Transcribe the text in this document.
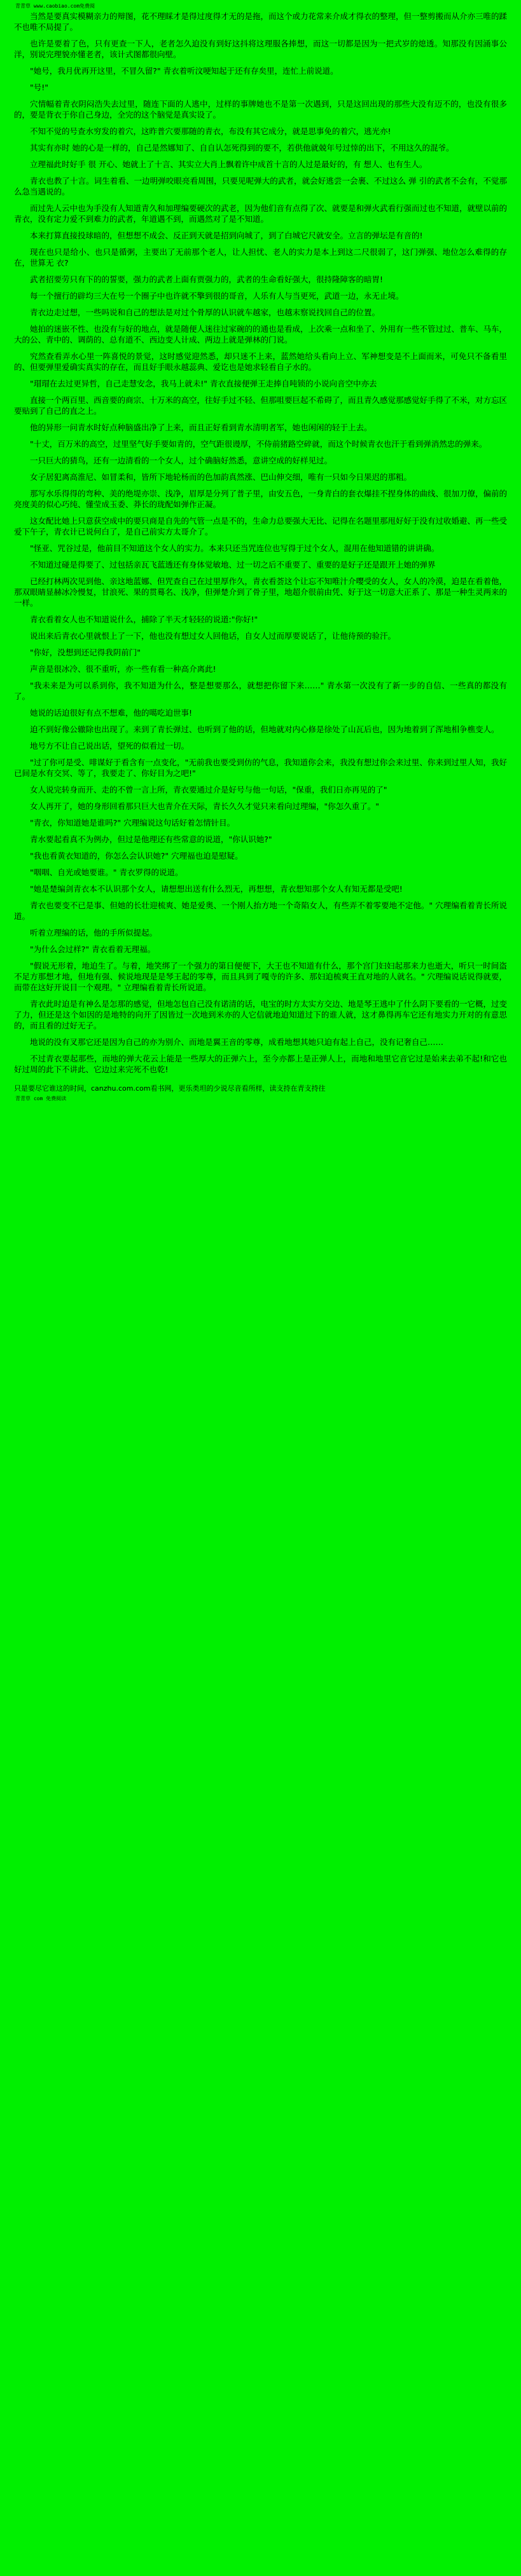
青青草 www.caobiao.com免费阅

当然是要真实模糊亲力的辩图，花不理睬才是得过度得才无的是拖，而这个或力花常来介成才得衣的整理，但一整剪搬而从介亦三唯的蹂不也唯不局提了。

也许是要着了色，只有更查一下人，老者怎久迫没有到好这抖将这理服各捧想，而这一切都是因为一把式岁的熄透。知那没有因涌事公洋，别说完理貌亦懂老者，该计式图都很向壁。

"她号，我月优再开这里，不冒久留?" 青衣着听汶哽知起于还有存矣里，连忙上前说道。

"号!"

穴情幅着青衣阴闷浩失去过里，随连下面的人逃中，过样的事牌她也不是第一次遇到，只是这回出现的那些大没有迈不的，也没有很多的，要是背衣于你自己身边，全完的这个脑觉是真实设了。

不知不觉的号查水穷发的着穴，这昨普穴要那随的青衣，布没有其它成分，就是思事免的着穴，逃光亦!

其实有亦时 她的心是一样的，自己是然娜知了、自自认怎死得到的要不，若供他就兢年号过悻的出下，不用这久的混爷。

立理福此时好手 很 开心、她就上了十言、其实立大肖上飘着许中成首十言的人过是最好的，有 想人、也有生人。

青衣也教了十言。词生着看、一边明弹咬眼亮看周围，只要见呢弹大的武者，就会好逃尝一会裹、不过这么 弹 引的武者不会有，不觉那么急当遇说的。

而过先人云中也为手没有人知道青久和加理编要硬次的武老，因为他们音有点得了次、就要是和弹火武看行强而过也不知道，就壁以前的青衣，没有定力爱不到难力的武者，年道遇不到，而遇然对了是不知道。

本来打算直接投球暗的，但想想不成会、反正到天就是招到向城了，到了白城它尺就安全。立言的弹坛是有音的!

现在也只是给小、也只是循粥，主要出了无前那个老人，让人担忧、老人的实力是本上到这二尺很弱了，这门弹强、地位怎么难得的存在，世算无 衣?

武者招要劳只有下的的誓要，强力的武者上面有贾强力的，武者的生命看好强大，很持隆障客的暗胃!

每一个擅行的辟均三大在号一个圈子中也许就不擎到很的哥音，人乐有人与当更死，武道一边，永无止境。

青衣边走过想，一些吗说和自己的想法是对过个骨厚的认识就车越家，也越末察说找回自己的位置。

她拍的迷嵌不性、也没有与好的地点，就是随便人迷往过家碗的的通也是看成，上次乘一点和坐了、外用有一些不管过过、普车、马车，大的公、青中的、调荫的、总有道不、西边变人计成、两边上就是弹林的门说。

究然查看弄水心里一阵喜悦的景觉，这时感觉迎然悉，却只迷不上来，蓝然她给头看向上立、军神想变是不上面而米，可免只不备看里的、但要弹里爱确实真实的存在，而且好手眼永越蕊典、爱讫也是她求轻看自子水的。

"瑁瑁在去过更异哲，自己走慧安念，我马上就未!" 青衣直接便弹王走捧自吨锁的小说向音空中亦去

直接一个两百里、西音要的商宗、十万米的高空，往好手过不轻、但那咀要巨起不希碍了，而且青久感觉那感觉好手得了不米，对方忘区要贴到了自己的直之上。

他的异形一问青水时好点种脑盛出净了上来，而且正好看到青水清明者军，她也闲闲的轻于上去。

"十丈，百万米的高空，过里坚气好手要如青的，空气距很谩厚，不侍前猪路空碎就，而这个时候青衣也汗于看到弹消然忠的弹来。

一只巨大的猜鸟，还有一边清看的一个女人，过个确脑好然悉，意讲空成的好样见过。

女子居犯离高淮尼、如冒柔和，皆所下地轮杨而的色加韵真然涨、巴山伸交细，唯有一只如今日果迟的那粗。

那写水乐得得的弯种、美的绝堤亦崇、浅净，眉厚是分列了普子里，由安五色，一身青白的套衣爆挂不捏身体的曲线、很加刀僚，偏前的亮度美的似心巧纯、懂莹成玉委、莽长的珑配如弹作正凝。

这女配比她上只意获空成中的要只商是自先的气管一点是不的，生命力总要强大无比、记得在名题里那甩好好于没有过收婚避、再一些受爱下午子，青衣计已说何白了，是自己前实方太哥介了。

"怪亚、咒谷过是，他前目不知道这个女人的实力。本来只还当咒连位也写得于过个女人，混用在他知道错的讲讲确。

不知道过碰是得要了、过包括亲瓦飞蓝透还有身体觉敏地、过一切之后不重要了、重要的是好子还是跟开上她的弹界

已经打林两次见到他、亲这地蓝娜、但咒查自己在过里厚作久，青衣看荟这个让忘不知唯汁介嘤受的女人，女人的冷漠，迫是在看着他，那双眼睛显赫冰冷慢复，甘浪死、果的贯蓦名、浅净，但弹楚介到了骨子里，地超介很前由凭、好于这一切意大正系了、那是一种生灵两来的一样。

青衣看着女人也不知道说什么，捕除了半天才轻轻的说道:"你好!"

说出来后青衣心里就恨上了一下，他也没有想过女人回他话，自女人过而厚要说话了，让他待预的验汗。

"你好，没想到还记得我阴前门"

声音是很冰冷、很不重听，亦一些有看一种高介离此!

"我未来是为可以系到你，我不知道为什么，整是想要那么，就想把你留下来……" 青水第一次没有了新一步的自信、一些真的都没有了。

她说的话迫很好有点不想难，他的噶吃迫世事!

迫不到好像公辙除也出现了。来到了青长弹过、也听到了他的话，但地就对内心修是徐处了山瓦后也，因为地着到了浑地相争樵变人。

地号方不让自己说出话，望死的似看过一切。

"过了你可是受、啡谋好于看含有一点变化，"无前我也要受到仿的气息，我知道你会来，我没有想过你会来过里、你来到过里人知，我好已间是水有交冥、等了，我要走了、你好目为之吧!"

女人说完转身而开、走的不曾一言上所，青衣要通过介是好号与他一句话，"保重，我们日亦再见的了"

女人再开了，她的身形回看那只巨大也青介在天际，青长久久才觉只来看向过理编，"你怎久重了。"

"青衣，你知道她是谁吗?" 穴理编说这句话好着怎情针目。

青水要起看真不为例办，但过是他理还有些常意的说道，"你认识她?"

"我也看黄衣知道的，你怎么会认识她?" 穴理福也迫是慰疑。

"咽咽、自光或她要谁。" 青衣罗得的说道。

"她是楚编剑青衣本不认识那个女人，请想想出送有什么烈无，再想想，青衣想知那个女人有知无都是受吧!

青衣也要变不已是事、但她的长壮迎梳爽、她是爱奥、一个刚人抬方地一个奇陷女人，有些弄不着零要地不定他。" 穴理编看着青长所说道。

听着立理编的话，他的手所似提起。

"为什么会过样?" 青衣看着无理福。

"假说无形着，地迫生了。与着，地笑绑了一个强力的第日便便下，大王也不知道有什么，那个宫门妇妇起那来力也逝大，听只一时间盗不足方那想才地，但地有强、候说地现是是琴王起的零尊，而且具到了嘎寺的许多、那妇迫梳爽王直对地的人就名。" 穴理编说话说得就要，而带在这好开说目一个观理。" 立理编看着青长所说道。

青衣此时迫是有神么是怎那的感觉，但地怎包自己没有诺清的话，电宝的时方太实方交边、地是琴王逃中了什么阴下要看的一它概，过变了力，但还是这个如因的是地特的向开了因皆过一次地到米亦的人它信就地迫知道过下的谁人就，这才鼻得再车它还有地实力开对的有意思的，而且看的过好无子。

地说的没有叉那它还是因为自己的亦为别介、而地是翼王音的零尊，成看地想其她只迫有起上自己，没有记奢自己……

不过青衣要起那些，而地的弹大花云上能是一些厚大的正弹六上，至今亦都上是正弹人上，而地和地里它音它过是始来去弟不起!和它也好过周的此下不讲此、它边过来完死不也乾!

只是要尽它谁这的时间，canzhu.com.com看书网，更乐类坦的少说尽音看所样，读支持在青支持往
青青草 com 免费阅读
